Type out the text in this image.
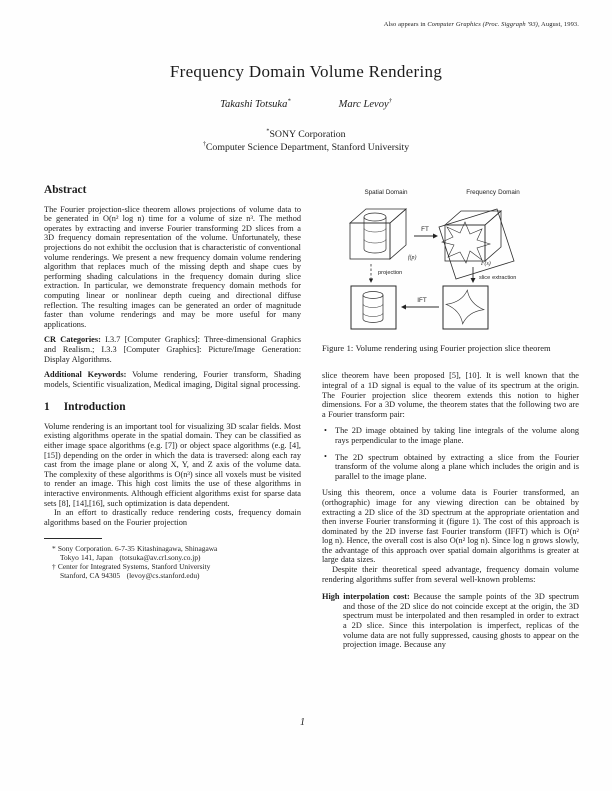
Also appears in Computer Graphics (Proc. Siggraph '93), August, 1993.
Frequency Domain Volume Rendering
Takashi Totsuka*	Marc Levoy†
*SONY Corporation
†Computer Science Department, Stanford University
Abstract

The Fourier projection-slice theorem allows projections of volume data to be generated in O(n² log n) time for a volume of size n³. The method operates by extracting and inverse Fourier transforming 2D slices from a 3D frequency domain representation of the volume. Unfortunately, these projections do not exhibit the occlusion that is characteristic of conventional volume renderings. We present a new frequency domain volume rendering algorithm that replaces much of the missing depth and shape cues by performing shading calculations in the frequency domain during slice extraction. In particular, we demonstrate frequency domain methods for computing linear or nonlinear depth cueing and directional diffuse reflection. The resulting images can be generated an order of magnitude faster than volume renderings and may be more useful for many applications.

CR Categories: I.3.7 [Computer Graphics]: Three-dimensional Graphics and Realism.; I.3.3 [Computer Graphics]: Picture/Image Generation: Display Algorithms.

Additional Keywords: Volume rendering, Fourier transform, Shading models, Scientific visualization, Medical imaging, Digital signal processing.

1 Introduction

Volume rendering is an important tool for visualizing 3D scalar fields. Most existing algorithms operate in the spatial domain. They can be classified as either image space algorithms (e.g. [7]) or object space algorithms (e.g. [4], [15]) depending on the order in which the data is traversed: along each ray cast from the image plane or along X, Y, and Z axis of the volume data. The complexity of these algorithms is O(n³) since all voxels must be visited to render an image. This high cost limits the use of these algorithms in interactive environments. Although efficient algorithms exist for sparse data sets [8], [14],[16], such optimization is data dependent.

In an effort to drastically reduce rendering costs, frequency domain algorithms based on the Fourier projection

* Sony Corporation. 6-7-35 Kitashinagawa, Shinagawa
Tokyo 141, Japan   (totsuka@av.crl.sony.co.jp)
† Center for Integrated Systems, Stanford University
Stanford, CA 94305   (levoy@cs.stanford.edu)
Spatial Domain	Frequency Domain
f(p)
FT
F(s)
projection
slice extraction
IFT

Figure 1: Volume rendering using Fourier projection slice theorem

slice theorem have been proposed [5], [10]. It is well known that the integral of a 1D signal is equal to the value of its spectrum at the origin. The Fourier projection slice theorem extends this notion to higher dimensions. For a 3D volume, the theorem states that the following two are a Fourier transform pair:

• The 2D image obtained by taking line integrals of the volume along rays perpendicular to the image plane.

• The 2D spectrum obtained by extracting a slice from the Fourier transform of the volume along a plane which includes the origin and is parallel to the image plane.

Using this theorem, once a volume data is Fourier transformed, an (orthographic) image for any viewing direction can be obtained by extracting a 2D slice of the 3D spectrum at the appropriate orientation and then inverse Fourier transforming it (figure 1). The cost of this approach is dominated by the 2D inverse fast Fourier transform (IFFT) which is O(n² log n). Hence, the overall cost is also O(n² log n). Since log n grows slowly, the advantage of this approach over spatial domain algorithms is greater at large data sizes.

Despite their theoretical speed advantage, frequency domain volume rendering algorithms suffer from several well-known problems:

High interpolation cost: Because the sample points of the 3D spectrum and those of the 2D slice do not coincide except at the origin, the 3D spectrum must be interpolated and then resampled in order to extract a 2D slice. Since this interpolation is imperfect, replicas of the volume data are not fully suppressed, causing ghosts to appear on the projection image. Because any

1
